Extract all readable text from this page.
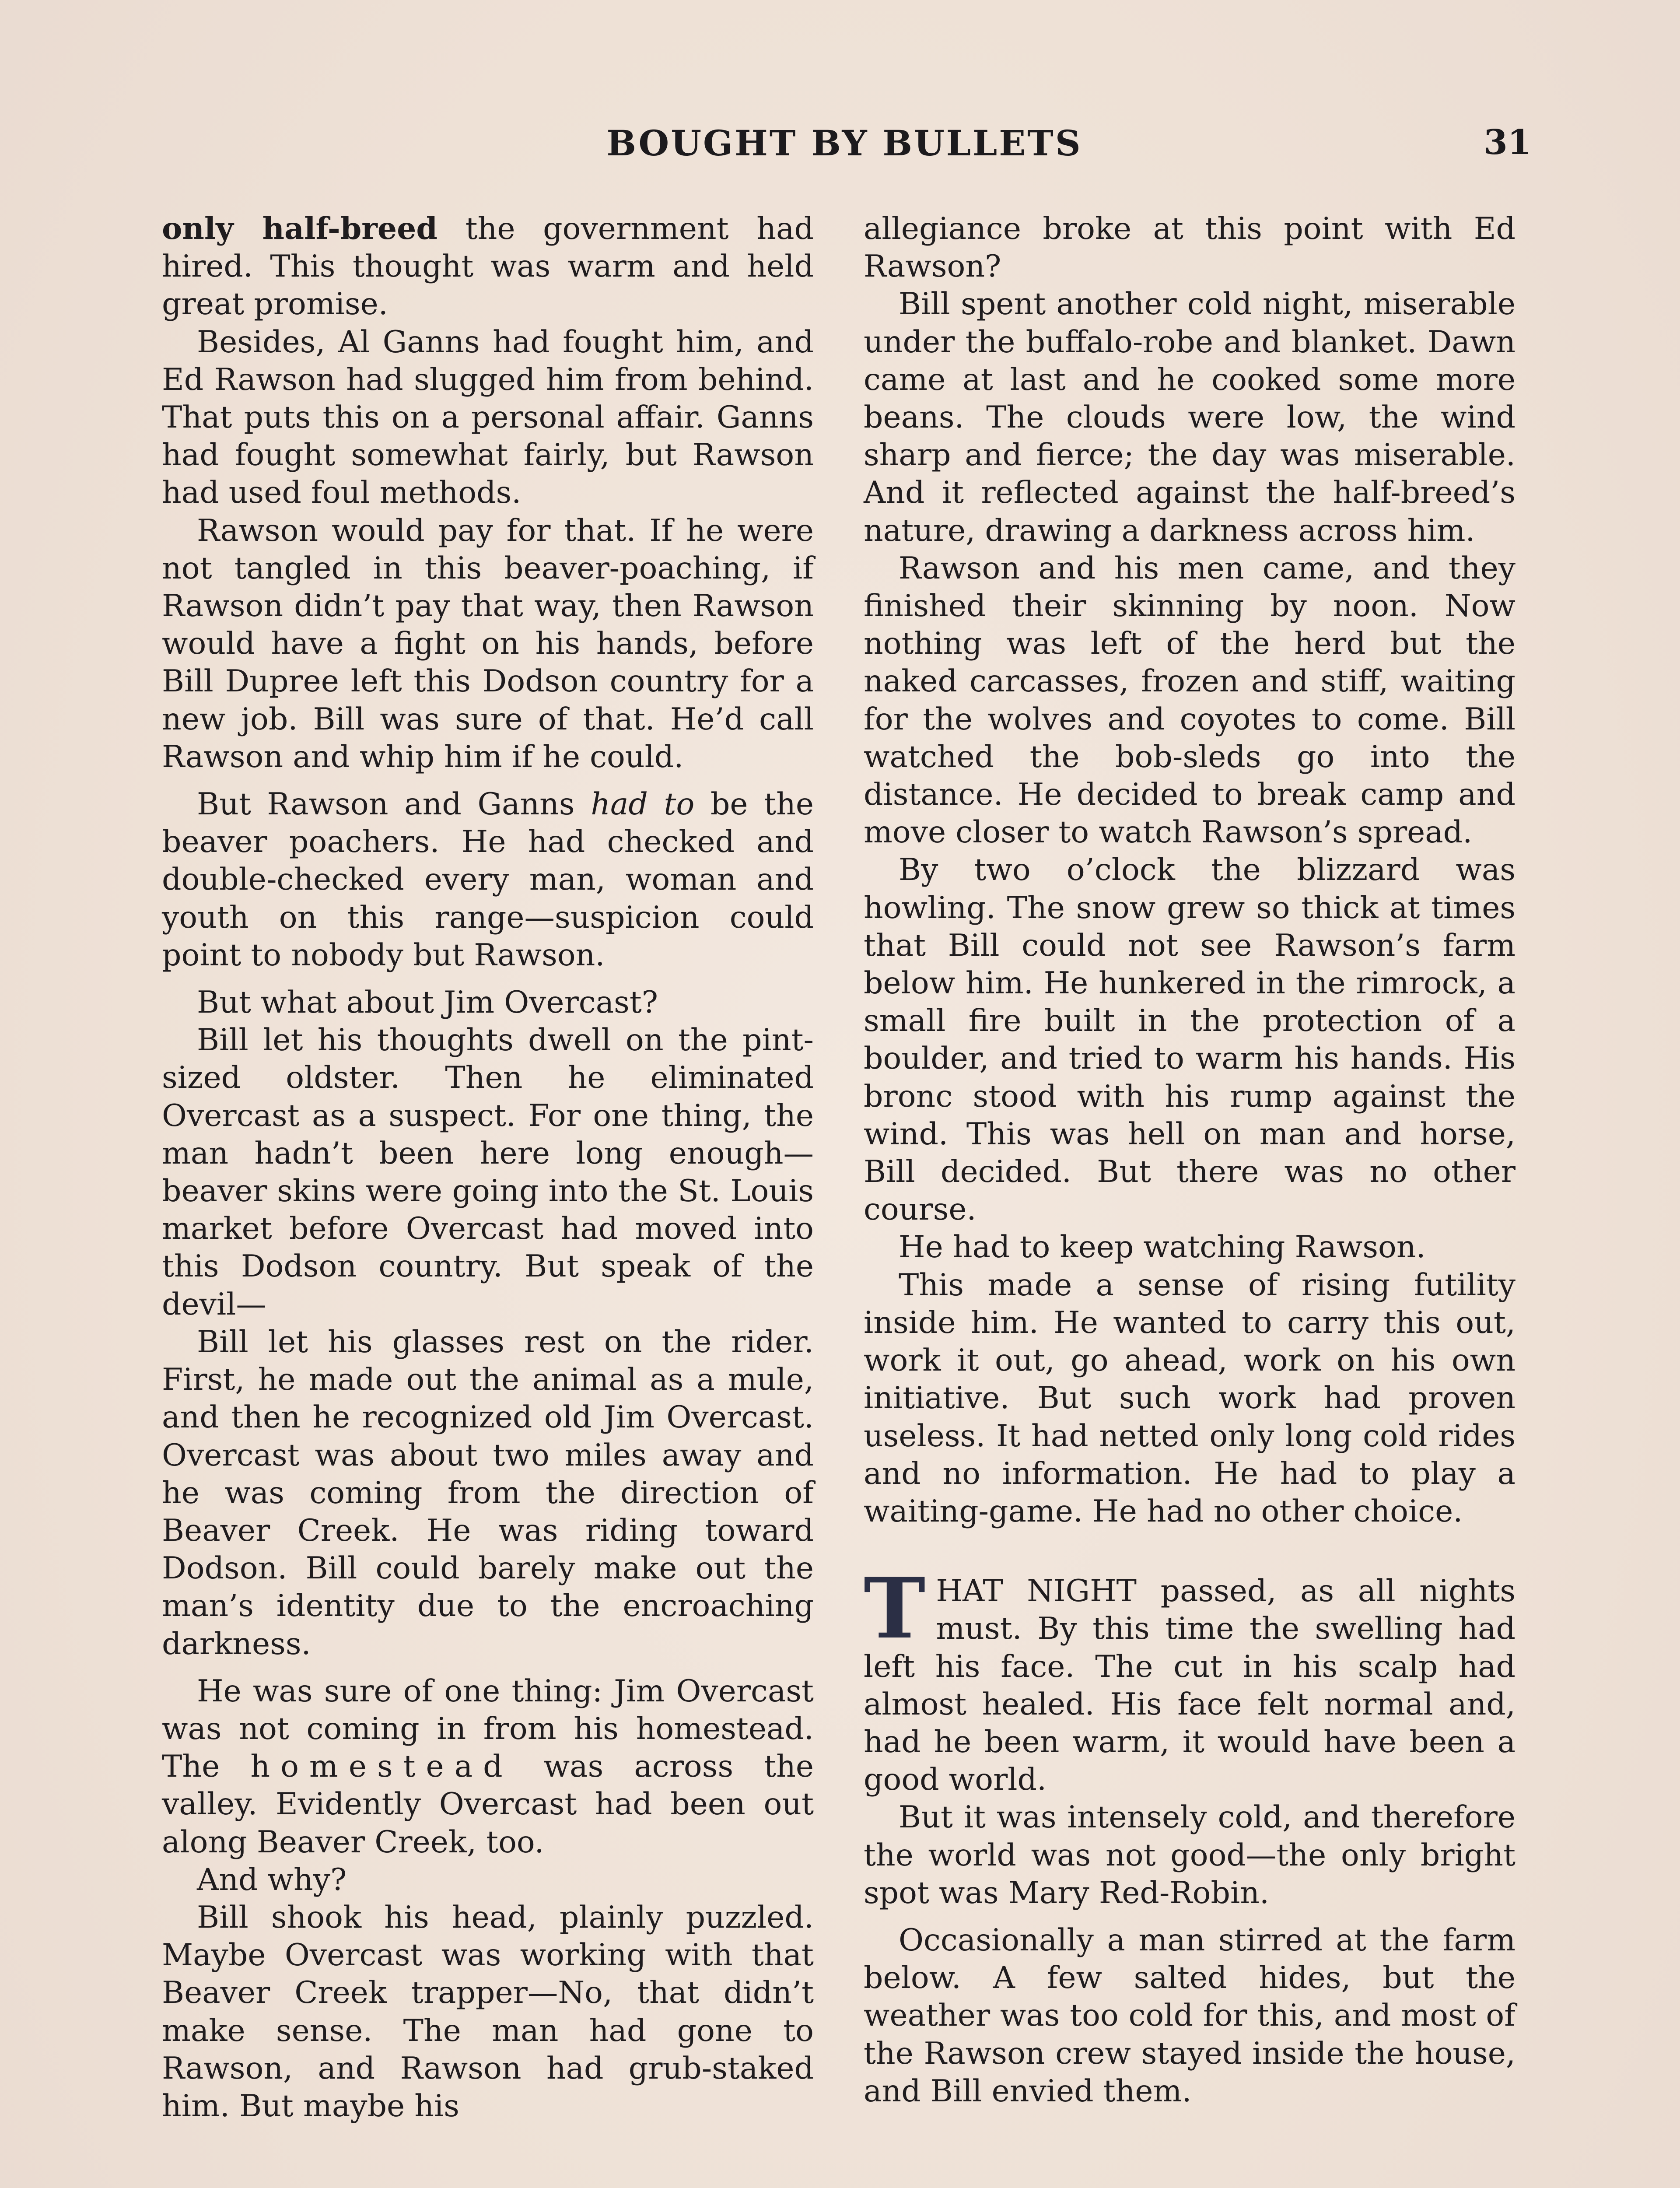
BOUGHT BY BULLETS	31

only half-breed the government had hired. This thought was warm and held great promise.

Besides, Al Ganns had fought him, and Ed Rawson had slugged him from behind. That puts this on a personal affair. Ganns had fought somewhat fairly, but Rawson had used foul methods.

Rawson would pay for that. If he were not tangled in this beaver-poaching, if Rawson didn’t pay that way, then Rawson would have a fight on his hands, before Bill Dupree left this Dodson country for a new job. Bill was sure of that. He’d call Rawson and whip him if he could.

But Rawson and Ganns had to be the beaver poachers. He had checked and double-checked every man, woman and youth on this range—suspicion could point to nobody but Rawson.

But what about Jim Overcast?

Bill let his thoughts dwell on the pint-sized oldster. Then he eliminated Overcast as a suspect. For one thing, the man hadn’t been here long enough—beaver skins were going into the St. Louis market before Overcast had moved into this Dodson country. But speak of the devil—

Bill let his glasses rest on the rider. First, he made out the animal as a mule, and then he recognized old Jim Overcast. Overcast was about two miles away and he was coming from the direction of Beaver Creek. He was riding toward Dodson. Bill could barely make out the man’s identity due to the encroaching darkness.

He was sure of one thing: Jim Overcast was not coming in from his homestead. The homestead was across the valley. Evidently Overcast had been out along Beaver Creek, too.

And why?

Bill shook his head, plainly puzzled. Maybe Overcast was working with that Beaver Creek trapper—No, that didn’t make sense. The man had gone to Rawson, and Rawson had grub-staked him. But maybe his

allegiance broke at this point with Ed Rawson?

Bill spent another cold night, miserable under the buffalo-robe and blanket. Dawn came at last and he cooked some more beans. The clouds were low, the wind sharp and fierce; the day was miserable. And it reflected against the half-breed’s nature, drawing a darkness across him.

Rawson and his men came, and they finished their skinning by noon. Now nothing was left of the herd but the naked carcasses, frozen and stiff, waiting for the wolves and coyotes to come. Bill watched the bob-sleds go into the distance. He decided to break camp and move closer to watch Rawson’s spread.

By two o’clock the blizzard was howling. The snow grew so thick at times that Bill could not see Rawson’s farm below him. He hunkered in the rimrock, a small fire built in the protection of a boulder, and tried to warm his hands. His bronc stood with his rump against the wind. This was hell on man and horse, Bill decided. But there was no other course.

He had to keep watching Rawson.

This made a sense of rising futility inside him. He wanted to carry this out, work it out, go ahead, work on his own initiative. But such work had proven useless. It had netted only long cold rides and no information. He had to play a waiting-game. He had no other choice.

THAT NIGHT passed, as all nights must. By this time the swelling had left his face. The cut in his scalp had almost healed. His face felt normal and, had he been warm, it would have been a good world.

But it was intensely cold, and therefore the world was not good—the only bright spot was Mary Red-Robin.

Occasionally a man stirred at the farm below. A few salted hides, but the weather was too cold for this, and most of the Rawson crew stayed inside the house, and Bill envied them.
